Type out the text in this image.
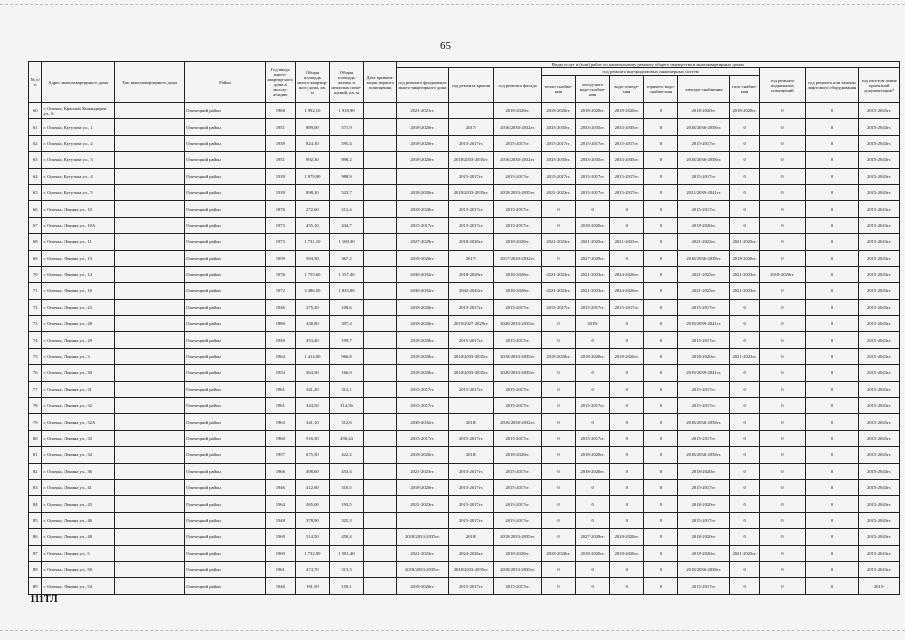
65
№ п/п	Адрес многоквартирного дома	Тип многоквартирного дома	Район	Год ввода много-квартир-ного дома в эксплу-атацию	Общая площадь много-квартир-ного дома, кв. м	Общая площадь жилых и нежилых поме-щений, кв. м	Дата привати-зации первого помещения	Виды услуг и (или) работ по капитальному ремонту общего имущества в многоквартирных домах											
								год ремонта фундамента много-квартирного дома	год ремонта крыши	год ремонта фасада	год ремонта внутридомовых инженерных систем						год ремонта подвальных помещений	год ремонта или замены лифтового оборудования	год изготов-ления проектной документации*
											тепло-снабже-ния	холод-ного водо-снабже-ния	водо-отведе-ния	горячего водо-снабже-ния	электро-снабжения	газо-снабже-ния			
60	г. Опочка, Красных Командиров ул., 6		Опочецкий район	1968	1 992,10	1 918,90		2021-2021гг.		2018-2020гг.	2018-2020гг.	2018-2020гг.	2018-2020гг.	0	2018-2020гг.	2018-2020гг.	0	0	2015-2043гг.
61	г. Опочка, Кутузова ул., 1		Опочецкий район	1951	889,00	571,9		2018-2020гг.	2017/	2016/2030-2032гг.	2033-2035гг.	2033-2035гг.	2033-2035гг.	0	2018/2036-2038гг.	0	0	0	2015-2043гг.
62	г. Опочка, Кутузова ул., 2		Опочецкий район	1939	824,10	595,4		2018-2020гг.	2015-2017гг.	2015-2017гг.	2015-2017гг.	2015-2017гг.	2015-2017гг.	0	2015-2017гг.	0	0	0	2015-2043гг.
63	г. Опочка, Кутузова ул., 3		Опочецкий район	1951	992,30	898,2		2018-2020гг.	2018/2033-2035гг.	2016/2030-2032гг.	2033-2035гг.	2033-2035гг.	2033-2035гг.	0	2018/2036-2038гг.	0	0	0	2015-2043гг.
64	г. Опочка, Кутузова ул., 4		Опочецкий район	1939	1 079,90	988,9			2015-2017гг.	2015-2017гг.	2015-2017гг.	2015-2017гг.	2015-2017гг.	0	2015-2017гг.	0	0	0	2015-2043гг.
65	г. Опочка, Кутузова ул., 5		Опочецкий район	1939	898,10	523,7		2018-2020гг.	2018/2033-2035гг.	2018/2033-2035гг.	2021-2023гг.	2015-2017гг.	2015-2017гг.	0	2021/2039-2041гг.	0	0	0	2015-2043гг.
66	г. Опочка, Ленина ул., 10		Опочецкий район	1876	272,60	212,4		2018-2020гг.	2015-2017гг.	2015-2017гг.	0	0	0	0	2015-2017гг.	0	0	0	2015-2043гг.
67	г. Опочка, Ленина ул., 10А		Опочецкий район	1973	455,10	444,7		2015-2017гг.	2015-2017гг.	2015-2017гг.	0	2018-2020гг.	0	0	2018-2020гг.	0	0	0	2015-2043гг.
68	г. Опочка, Ленина ул., 11		Опочецкий район	1973	1 731,10	1 169,30		2027-2029гг.	2018-2020гг.	2018-2020гг.	2021-2023гг.	2021-2023гг.	2021-2023гг.	0	2021-2023гг.	2021-2023гг.	0	0	2015-2043гг.
69	г. Опочка, Ленина ул., 13		Опочецкий район	1959	394,30	367,2		2018-2020гг.	2017/	2017/2030-2032гг.	0	2027-2029гг.	0	0	2018/2036-2038гг.	2018-2020гг.	0	0	2015-2043гг.
70	г. Опочка, Ленина ул., 14		Опочецкий район	1976	1 755,60	1 157,40		2030-2032гг.	2018-2020гг.	2018-2020гг.	2021-2023гг.	2021-2023гг.	2024-2026гг.	0	2021-2023гг.	2021-2023гг.	2018-2020гг.	0	2015-2043гг.
71	г. Опочка, Ленина ул., 16		Опочецкий район	1972	3 486,50	1 835,80		2030-2032гг.	2042-2043гг.	2018-2020гг.	2021-2023гг.	2021-2023гг.	2024-2026гг.	0	2021-2023гг.	2021-2023гг.	0	0	2015-2043гг.
72	г. Опочка, Ленина ул., 23		Опочецкий район	1946	275,20	108,6		2018-2020гг.	2015-2017гг.	2015-2017гг.	2015-2017гг.	2015-2017гг.	2015-2017гг.	0	2015-2017гг.	0	0	0	2015-2043гг.
73	г. Опочка, Ленина ул., 28		Опочецкий район	1880	438,80	397,4		2018-2020гг.	2019/2027-2029гг.	2020/2033-2035гг.	0	2019/	0	0	2019/2039-2041гг.	0	0	0	2015-2043гг.
74	г. Опочка, Ленина ул., 29		Опочецкий район	1949	353,40	199,7		2018-2020гг.	2015-2017гг.	2015-2017гг.	0	0	0	0	2015-2017гг.	0	0	0	2015-2043гг.
75	г. Опочка, Ленина ул., 3		Опочецкий район	1964	1 412,00	966,8		2018-2020гг.	2018/2033-2035гг.	2018/2033-2035гг.	2018-2020гг.	2018-2020гг.	2018-2020гг.	0	2018-2020гг.	2021-2023гг.	0	0	2015-2043гг.
76	г. Опочка, Ленина ул., 30		Опочецкий район	1954	264,30	166,9		2018-2020гг.	2018/2033-2035гг.	2020/2033-2035гг.	0	0	0	0	2019/2039-2041гг.	0	0	0	2015-2043гг.
77	г. Опочка, Ленина ул., 31		Опочецкий район	1961	341,20	312,1		2015-2017гг.	2015-2017гг.	2015-2017гг.	0	0	0	0	2015-2017гг.	0	0	0	2015-2043гг.
78	г. Опочка, Ленина ул., 32		Опочецкий район	1961	344,50	314,56		2015-2017гг.		2015-2017гг.	0	2015-2017гг.	0	0	2015-2017гг.	0	0	0	2015-2043гг.
79	г. Опочка, Ленина ул., 32А		Опочецкий район	1963	341,10	312,6		2030-2032гг.	2018/	2016/2030-2032гг.	0	0	0	0	2018/2036-2038гг.	0	0	0	2015-2043гг.
80	г. Опочка, Ленина ул., 33		Опочецкий район	1960	516,30	458,24		2015-2017гг.	2015-2017гг.	2015-2017гг.	0	2015-2017гг.	0	0	2015-2017гг.	0	0	0	2015-2043гг.
81	г. Опочка, Ленина ул., 34		Опочецкий район	1957	675,50	422,2		2018-2020гг.	2018/	2018-2020гг.	0	2018-2020гг.	0	0	2018/2036-2038гг.	0	0	0	2015-2043гг.
82	г. Опочка, Ленина ул., 36		Опочецкий район	1966	498,60	453,4		2021-2023гг.	2015-2017гг.	2015-2017гг.	0	2018-2020гг.	0	0	2018-2020гг.	0	0	0	2015-2043гг.
83	г. Опочка, Ленина ул., 41		Опочецкий район	1946	412,60	310,5		2018-2020гг.	2015-2017гг.	2015-2017гг.	0	0	0	0	2015-2017гг.	0	0	0	2015-2043гг.
84	г. Опочка, Ленина ул., 45		Опочецкий район	1964	265,00	193,5		2021-2023гг.	2015-2017гг.	2015-2017гг.	0	0	0	0	2018-2020гг.	0	0	0	2015-2043гг.
85	г. Опочка, Ленина ул., 46		Опочецкий район	1948	378,90	325,3			2015-2017гг.	2015-2017гг.	0	0	0	0	2015-2017гг.	0	0	0	2015-2043гг.
86	г. Опочка, Ленина ул., 48		Опочецкий район	1969	514,50	450,4		2018/2033-2035гг.	2018/	2018/2033-2035гг.	0	2027-2029гг.	2018-2020гг.	0	2018-2020гг.	0	0	0	2015-2043гг.
87	г. Опочка, Ленина ул., 5		Опочецкий район	1969	1 732,90	1 581,40		2021-2023гг.	2024-2026гг.	2018-2020гг.	2018-2020гг.	2018-2020гг.	2018-2020гг.	0	2018-2020гг.	2021-2023гг.	0	0	2015-2043гг.
88	г. Опочка, Ленина ул., 50		Опочецкий район	1961	474,70	313,3		2018/2033-2035гг.	2018/2033-2035гг.	2018/2033-2035гг.	0	0	0	0	2018/2036-2038гг.	0	0	0	2015-2043гг.
89	г. Опочка, Ленина ул., 54		Опочецкий район	1946	191,50	150,1		2018-2020гг.	2015-2017гг.	2015-2017гг.	0	0	0	0	2015-2017гг.	0	0	0	2015-
111ТЛ
